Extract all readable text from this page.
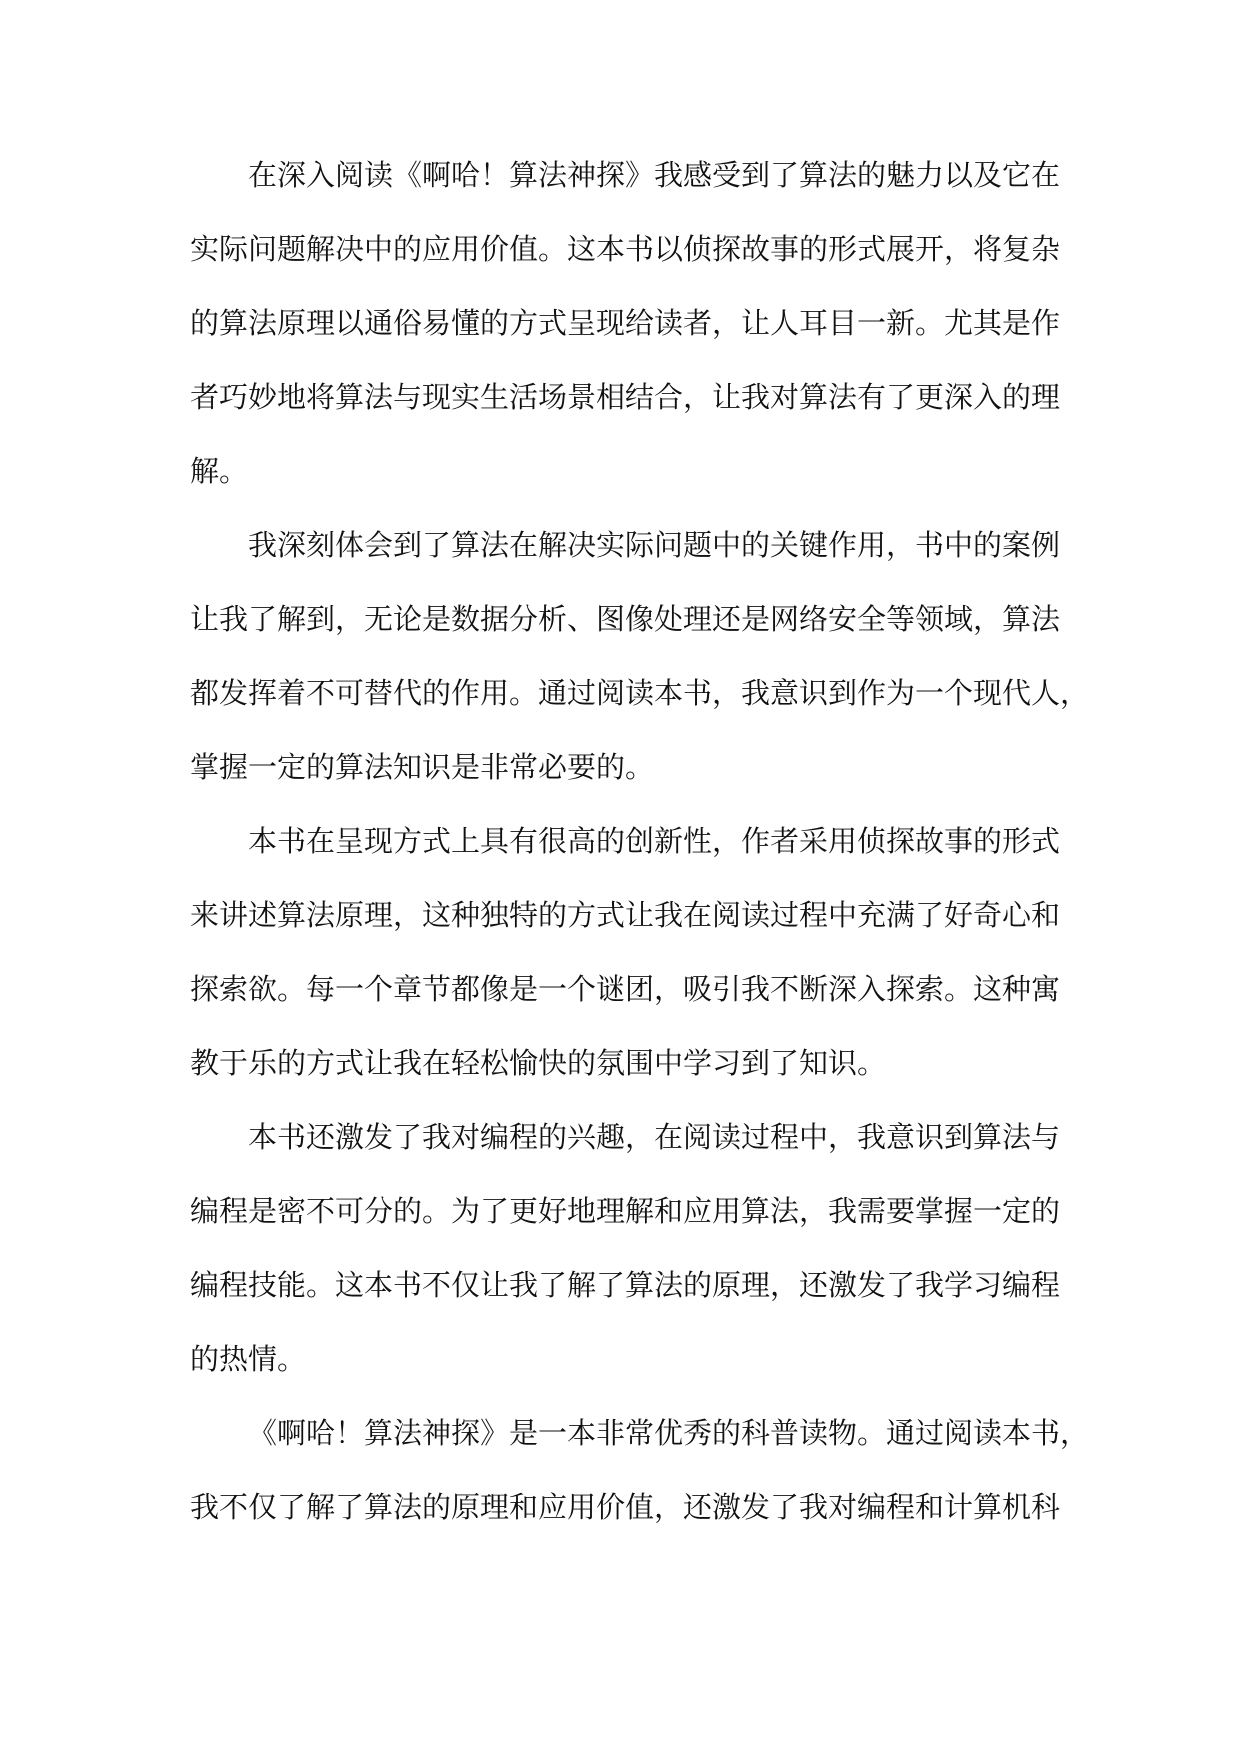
在深入阅读《啊哈！算法神探》我感受到了算法的魅力以及它在
实际问题解决中的应用价值。这本书以侦探故事的形式展开，将复杂
的算法原理以通俗易懂的方式呈现给读者，让人耳目一新。尤其是作
者巧妙地将算法与现实生活场景相结合，让我对算法有了更深入的理
解。

我深刻体会到了算法在解决实际问题中的关键作用，书中的案例
让我了解到，无论是数据分析、图像处理还是网络安全等领域，算法
都发挥着不可替代的作用。通过阅读本书，我意识到作为一个现代人，
掌握一定的算法知识是非常必要的。

本书在呈现方式上具有很高的创新性，作者采用侦探故事的形式
来讲述算法原理，这种独特的方式让我在阅读过程中充满了好奇心和
探索欲。每一个章节都像是一个谜团，吸引我不断深入探索。这种寓
教于乐的方式让我在轻松愉快的氛围中学习到了知识。

本书还激发了我对编程的兴趣，在阅读过程中，我意识到算法与
编程是密不可分的。为了更好地理解和应用算法，我需要掌握一定的
编程技能。这本书不仅让我了解了算法的原理，还激发了我学习编程
的热情。

《啊哈！算法神探》是一本非常优秀的科普读物。通过阅读本书，
我不仅了解了算法的原理和应用价值，还激发了我对编程和计算机科
